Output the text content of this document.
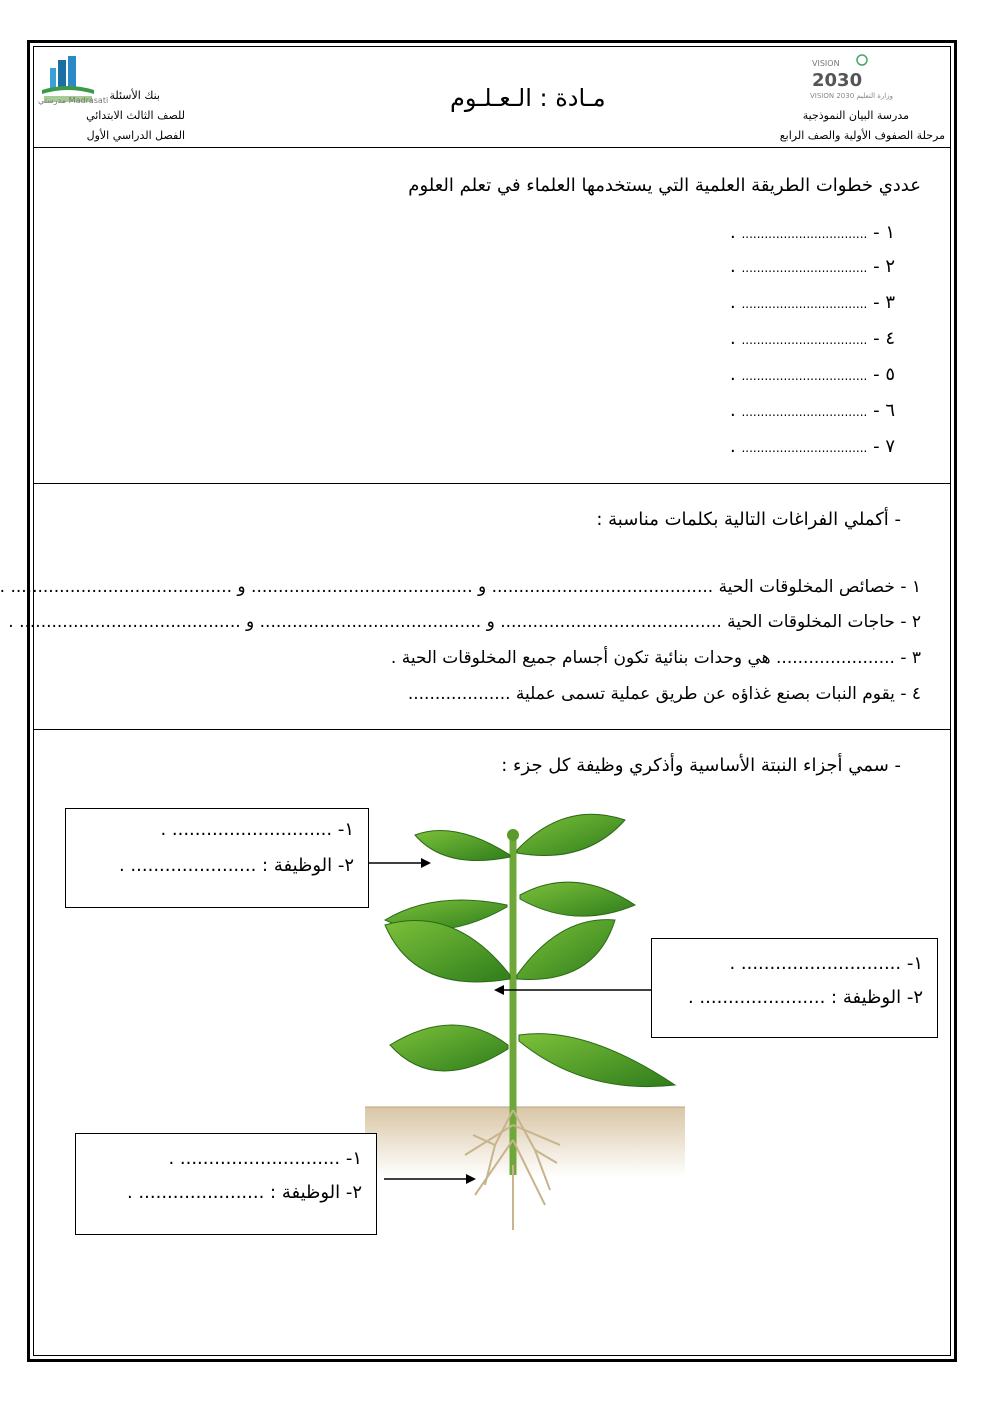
مدرستي Madrasati بنك الأسئلة
للصف الثالث الابتدائي
الفصل الدراسي الأول
مـادة : الـعـلـوم
VISION
2030
VISION 2030 وزارة التعليم
مدرسة البيان النموذجية
مرحلة الصفوف الأولية والصف الرابع
عددي خطوات الطريقة العلمية التي يستخدمها العلماء في تعلم العلوم
١ - ................................. .
٢ - ................................. .
٣ - ................................. .
٤ - ................................. .
٥ - ................................. .
٦ - ................................. .
٧ - ................................. .
- أكملي الفراغات التالية بكلمات مناسبة :
١ - خصائص المخلوقات الحية ......................................... و ......................................... و ......................................... .
٢ - حاجات المخلوقات الحية ......................................... و ......................................... و ......................................... .
٣ - ...................... هي وحدات بنائية تكون أجسام جميع المخلوقات الحية .
٤ - يقوم النبات بصنع غذاؤه عن طريق عملية تسمى عملية ...................
- سمي أجزاء النبتة الأساسية وأذكري وظيفة كل جزء :
١- ............................ .
٢- الوظيفة : ...................... .
١- ............................ .
٢- الوظيفة : ...................... .
١- ............................ .
٢- الوظيفة : ...................... .
